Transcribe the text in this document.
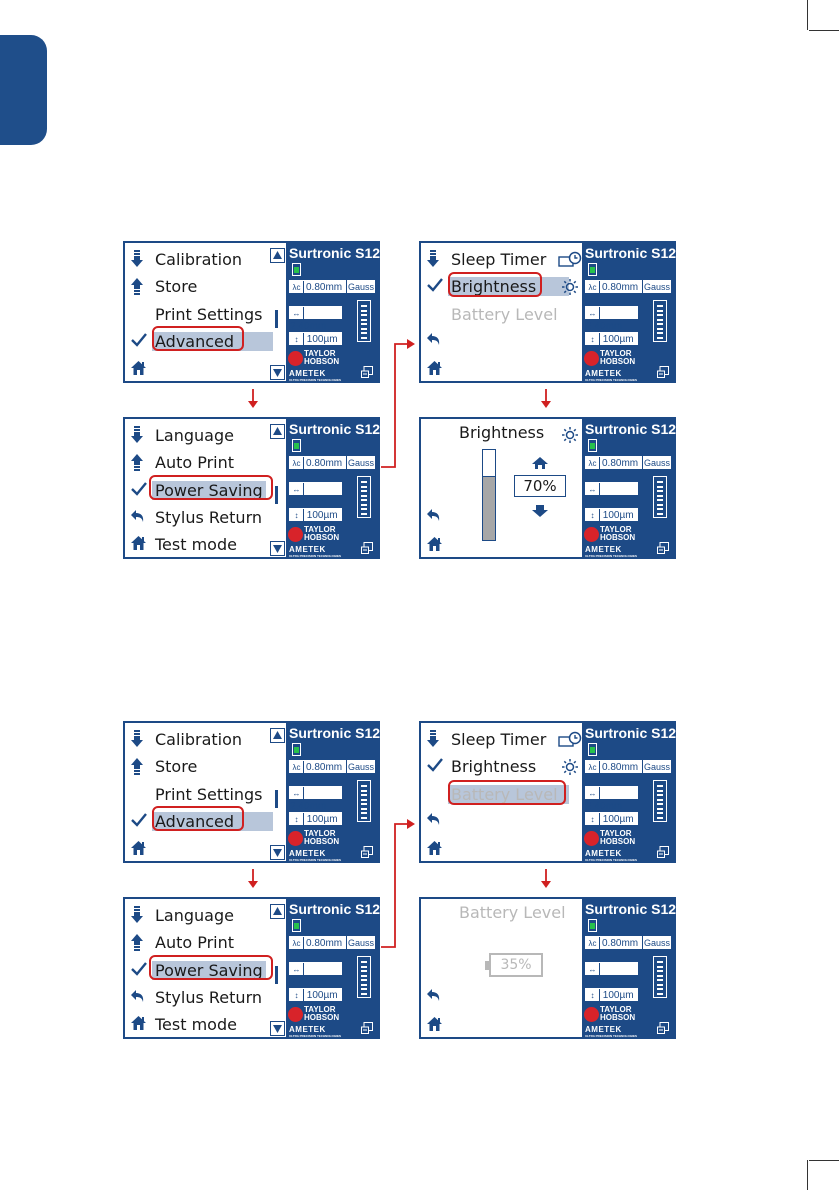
Calibration
Store
Print Settings
Advanced
Surtronic S128
λc 0.80mm Gauss
↔ 2.40mm
↕ 100µm
TAYLOR
HOBSON
AMETEK
ULTRA PRECISION TECHNOLOGIES
Language
Auto Print
Power Saving
Stylus Return
Test mode
Surtronic S128
λc 0.80mm Gauss
↔ 2.40mm
↕ 100µm
TAYLOR
HOBSON
AMETEK
ULTRA PRECISION TECHNOLOGIES
Sleep Timer
Brightness
Battery Level
Surtronic S128
λc 0.80mm Gauss
↔ 2.40mm
↕ 100µm
TAYLOR
HOBSON
AMETEK
ULTRA PRECISION TECHNOLOGIES
Brightness
70%
Surtronic S128
λc 0.80mm Gauss
↔ 2.40mm
↕ 100µm
TAYLOR
HOBSON
AMETEK
ULTRA PRECISION TECHNOLOGIES
Calibration
Store
Print Settings
Advanced
Surtronic S128
λc 0.80mm Gauss
↔ 2.40mm
↕ 100µm
TAYLOR
HOBSON
AMETEK
ULTRA PRECISION TECHNOLOGIES
Language
Auto Print
Power Saving
Stylus Return
Test mode
Surtronic S128
λc 0.80mm Gauss
↔ 2.40mm
↕ 100µm
TAYLOR
HOBSON
AMETEK
ULTRA PRECISION TECHNOLOGIES
Sleep Timer
Brightness
Battery Level
Surtronic S128
λc 0.80mm Gauss
↔ 2.40mm
↕ 100µm
TAYLOR
HOBSON
AMETEK
ULTRA PRECISION TECHNOLOGIES
Battery Level
35%
Surtronic S128
λc 0.80mm Gauss
↔ 2.40mm
↕ 100µm
TAYLOR
HOBSON
AMETEK
ULTRA PRECISION TECHNOLOGIES
